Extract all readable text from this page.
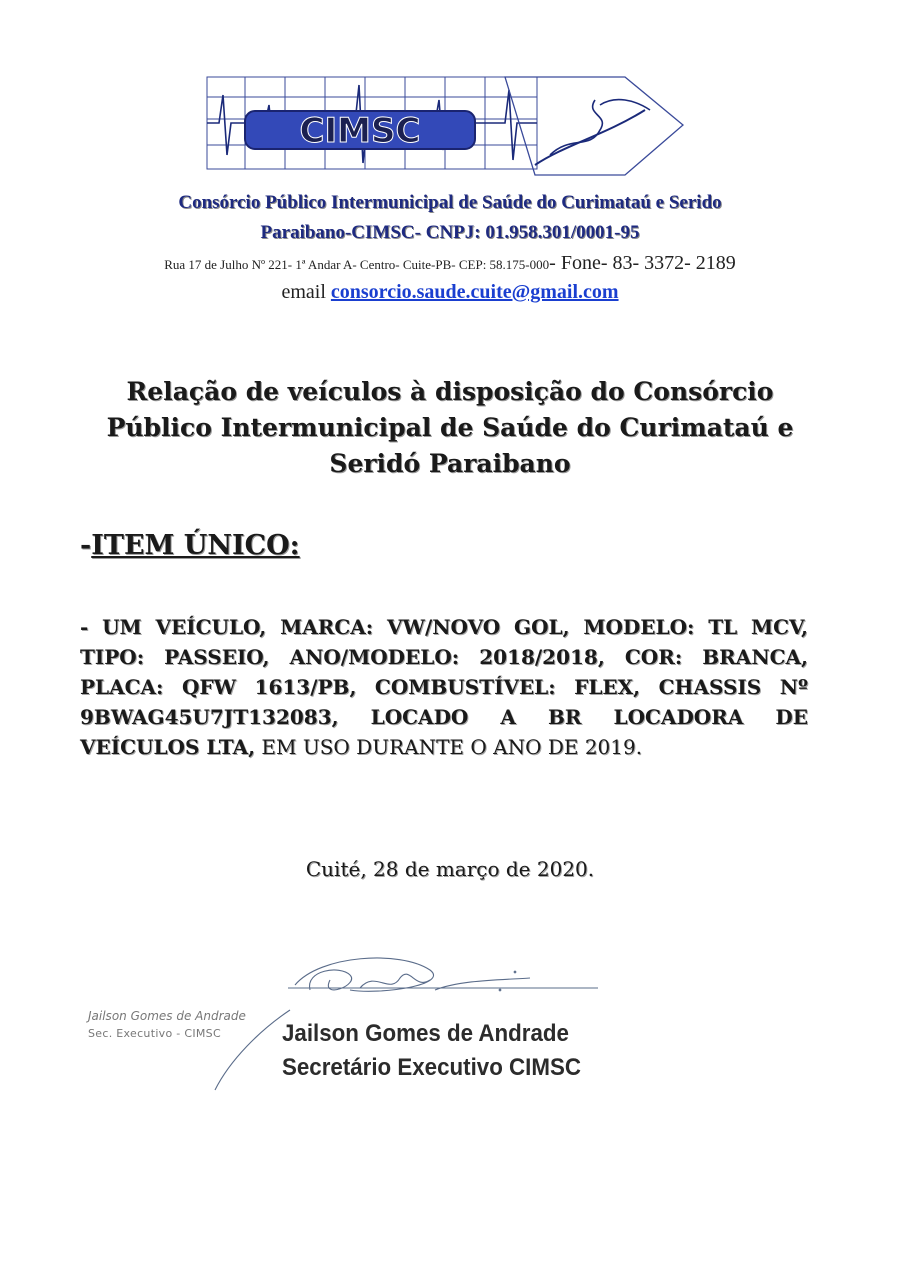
CIMSC
Consórcio Público Intermunicipal de Saúde do Curimataú e Serido
Paraibano-CIMSC- CNPJ: 01.958.301/0001-95
Rua 17 de Julho Nº 221- 1ª Andar A- Centro- Cuite-PB- CEP: 58.175-000- Fone- 83- 3372- 2189
email consorcio.saude.cuite@gmail.com
Relação de veículos à disposição do Consórcio Público Intermunicipal de Saúde do Curimataú e Seridó Paraibano
-ITEM ÚNICO:
- UM VEÍCULO, MARCA: VW/NOVO GOL, MODELO: TL MCV, TIPO: PASSEIO, ANO/MODELO: 2018/2018, COR: BRANCA, PLACA: QFW 1613/PB, COMBUSTÍVEL: FLEX, CHASSIS Nº 9BWAG45U7JT132083, LOCADO A BR LOCADORA DE VEÍCULOS LTA, EM USO DURANTE O ANO DE 2019.
Cuité, 28 de março de 2020.
Jailson Gomes de Andrade
Sec. Executivo - CIMSC	Jailson Gomes de Andrade
Secretário Executivo CIMSC
